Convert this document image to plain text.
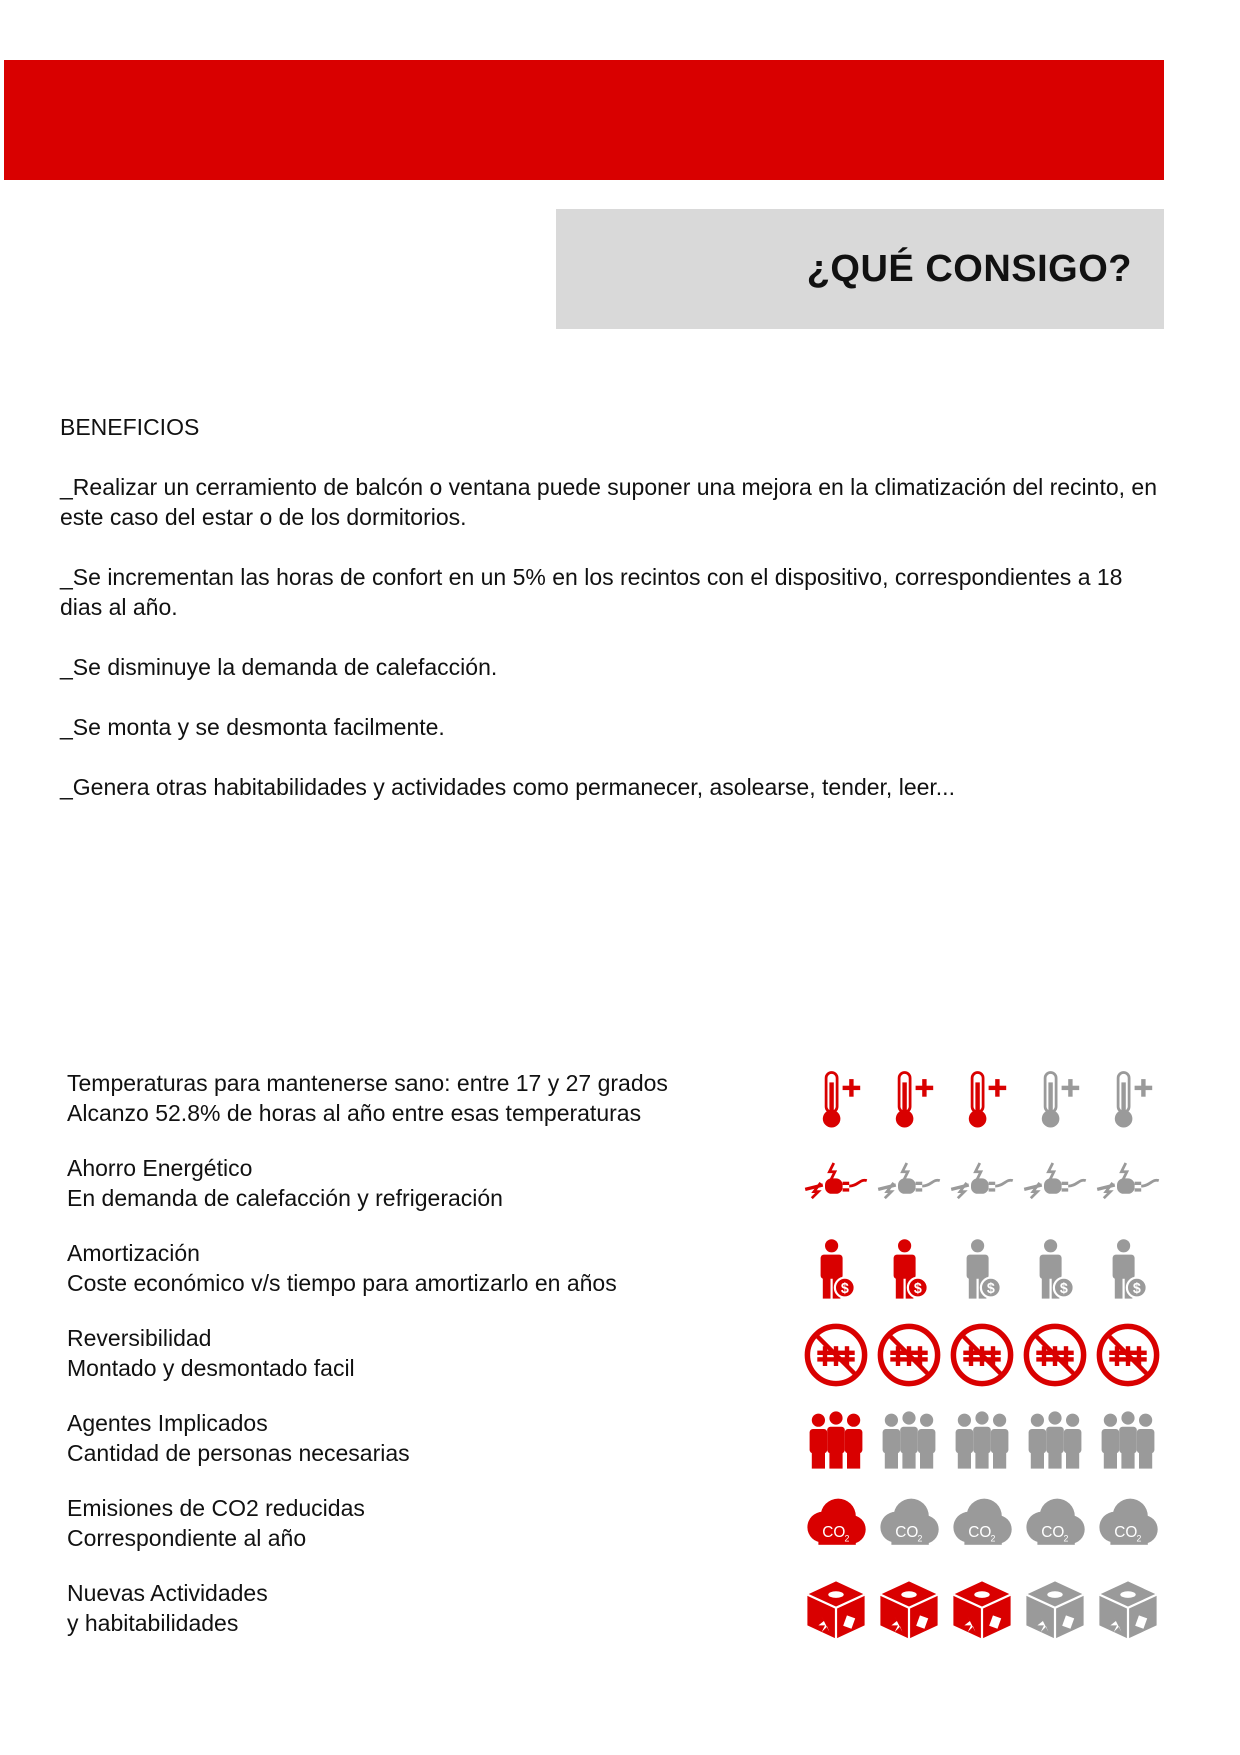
¿QUÉ CONSIGO?

BENEFICIOS

_Realizar un cerramiento de balcón o ventana puede suponer una mejora en la climatización del recinto, en este caso del estar o de los dormitorios.

_Se incrementan las horas de confort en un 5% en los recintos con el dispositivo, correspondientes a 18 dias al año.

_Se disminuye la demanda de calefacción.

_Se monta y se desmonta facilmente.

_Genera otras habitabilidades y actividades como permanecer, asolearse, tender, leer...

Temperaturas para mantenerse sano: entre 17 y 27 grados
Alcanzo 52.8% de horas al año entre esas temperaturas
Ahorro Energético
En demanda de calefacción y refrigeración
Amortización
Coste económico v/s tiempo para amortizarlo en años	$	$	$	$	$
Reversibilidad
Montado y desmontado facil
Agentes Implicados
Cantidad de personas necesarias
Emisiones de CO2 reducidas
Correspondiente al año	CO 2	CO 2	CO 2	CO 2	CO 2
Nuevas Actividades
y habitabilidades
